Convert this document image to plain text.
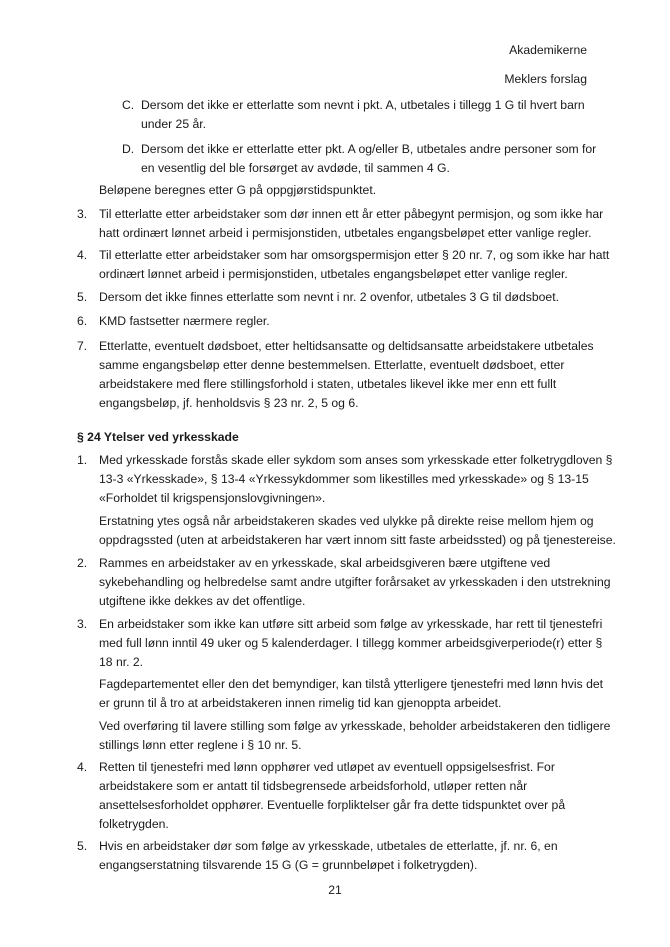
Akademikerne
Meklers forslag
C. Dersom det ikke er etterlatte som nevnt i pkt. A, utbetales i tillegg 1 G til hvert barn
under 25 år.
D. Dersom det ikke er etterlatte etter pkt. A og/eller B, utbetales andre personer som for
en vesentlig del ble forsørget av avdøde, til sammen 4 G.
Beløpene beregnes etter G på oppgjørstidspunktet.
3. Til etterlatte etter arbeidstaker som dør innen ett år etter påbegynt permisjon, og som ikke har
hatt ordinært lønnet arbeid i permisjonstiden, utbetales engangsbeløpet etter vanlige regler.
4. Til etterlatte etter arbeidstaker som har omsorgspermisjon etter § 20 nr. 7, og som ikke har hatt
ordinært lønnet arbeid i permisjonstiden, utbetales engangsbeløpet etter vanlige regler.
5. Dersom det ikke finnes etterlatte som nevnt i nr. 2 ovenfor, utbetales 3 G til dødsboet.
6. KMD fastsetter nærmere regler.
7. Etterlatte, eventuelt dødsboet, etter heltidsansatte og deltidsansatte arbeidstakere utbetales
samme engangsbeløp etter denne bestemmelsen. Etterlatte, eventuelt dødsboet, etter
arbeidstakere med flere stillingsforhold i staten, utbetales likevel ikke mer enn ett fullt
engangsbeløp, jf. henholdsvis § 23 nr. 2, 5 og 6.
§ 24 Ytelser ved yrkesskade
1. Med yrkesskade forstås skade eller sykdom som anses som yrkesskade etter folketrygdloven §
13-3 «Yrkesskade», § 13-4 «Yrkessykdommer som likestilles med yrkesskade» og § 13-15
«Forholdet til krigspensjonslovgivningen».
Erstatning ytes også når arbeidstakeren skades ved ulykke på direkte reise mellom hjem og
oppdragssted (uten at arbeidstakeren har vært innom sitt faste arbeidssted) og på tjenestereise.
2. Rammes en arbeidstaker av en yrkesskade, skal arbeidsgiveren bære utgiftene ved
sykebehandling og helbredelse samt andre utgifter forårsaket av yrkesskaden i den utstrekning
utgiftene ikke dekkes av det offentlige.
3. En arbeidstaker som ikke kan utføre sitt arbeid som følge av yrkesskade, har rett til tjenestefri
med full lønn inntil 49 uker og 5 kalenderdager. I tillegg kommer arbeidsgiverperiode(r) etter §
18 nr. 2.
Fagdepartementet eller den det bemyndiger, kan tilstå ytterligere tjenestefri med lønn hvis det
er grunn til å tro at arbeidstakeren innen rimelig tid kan gjenoppta arbeidet.
Ved overføring til lavere stilling som følge av yrkesskade, beholder arbeidstakeren den tidligere
stillings lønn etter reglene i § 10 nr. 5.
4. Retten til tjenestefri med lønn opphører ved utløpet av eventuell oppsigelsesfrist. For
arbeidstakere som er antatt til tidsbegrensede arbeidsforhold, utløper retten når
ansettelsesforholdet opphører. Eventuelle forpliktelser går fra dette tidspunktet over på
folketrygden.
5. Hvis en arbeidstaker dør som følge av yrkesskade, utbetales de etterlatte, jf. nr. 6, en
engangserstatning tilsvarende 15 G (G = grunnbeløpet i folketrygden).
21
